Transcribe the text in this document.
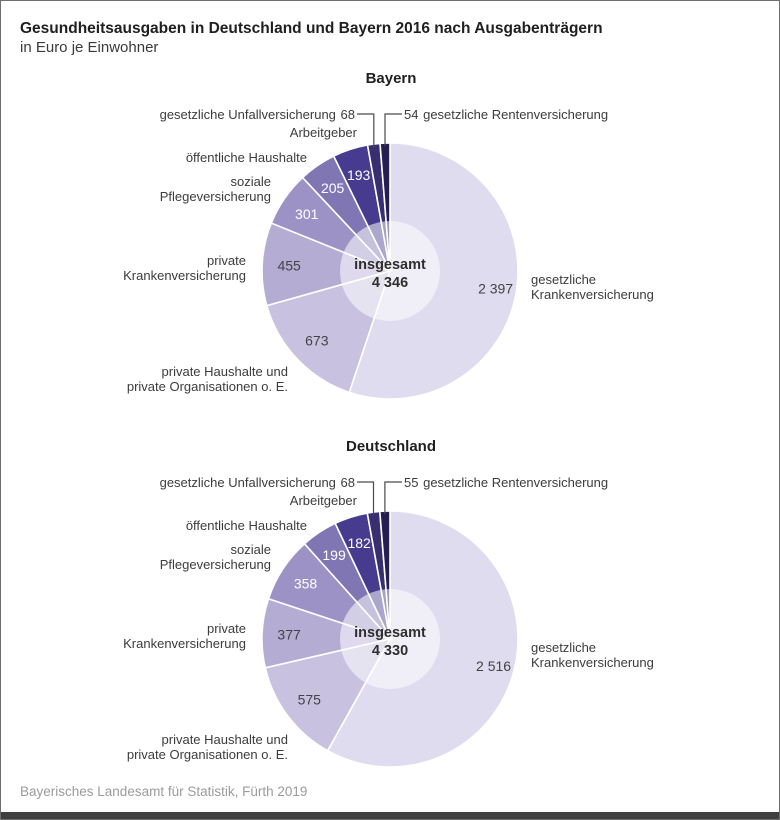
Gesundheitsausgaben in Deutschland und Bayern 2016 nach Ausgabenträgern
in Euro je Einwohner
Bayern
2 397
673
455
301
205
193
insgesamt
4 346
gesetzliche Unfallversicherung 68	54 gesetzliche Rentenversicherung
Arbeitgeber
öffentliche Haushalte
soziale
Pflegeversicherung
private
Krankenversicherung
private Haushalte und
private Organisationen o. E.
gesetzliche
Krankenversicherung
Deutschland
2 516
575
377
358
199
182
insgesamt
4 330
gesetzliche Unfallversicherung 68	55 gesetzliche Rentenversicherung
Arbeitgeber
öffentliche Haushalte
soziale
Pflegeversicherung
private
Krankenversicherung
private Haushalte und
private Organisationen o. E.
gesetzliche
Krankenversicherung
Bayerisches Landesamt für Statistik, Fürth 2019
